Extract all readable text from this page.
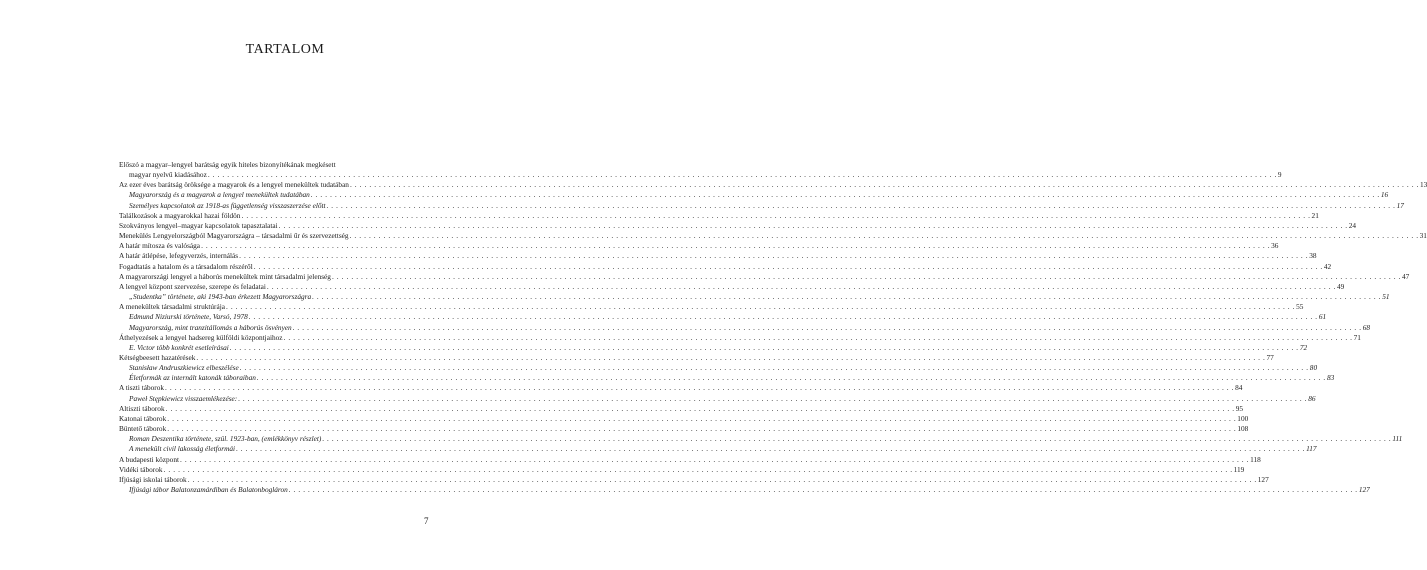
TARTALOM
Előszó a magyar–lengyel barátság egyik hiteles bizonyítékának megkésett
magyar nyelvű kiadásához . . .	9
Az ezer éves barátság öröksége a magyarok és a lengyel menekültek tudatában . . .	13
Magyarország és a magyarok a lengyel menekültek tudatában . . .	16
Személyes kapcsolatok az 1918-as függetlenség visszaszerzése előtt . . .	17
Találkozások a magyarokkal hazai földön . . .	21
Szokványos lengyel–magyar kapcsolatok tapasztalatai . . .	24
Menekülés Lengyelországból Magyarországra – társadalmi űr és szervezettség . . .	31
A határ mítosza és valósága . . .	36
A határ átlépése, lefegyverzés, internálás . . .	38
Fogadtatás a hatalom és a társadalom részéről . . .	42
A magyarországi lengyel a háborús menekültek mint társadalmi jelenség . . .	47
A lengyel központ szervezése, szerepe és feladatai . . .	49
„Studentka” története, aki 1943-ban érkezett Magyarországra . . .	51
A menekültek társadalmi struktúrája . . .	55
Edmund Niziurski története, Varsó, 1978 . . .	61
Magyarország, mint tranzitállomás a háborús ösvényen . . .	68
Áthelyezések a lengyel hadsereg külföldi központjaihoz . . .	71
E. Victor több konkrét esetleírásai . . .	72
Kétségbeesett hazatérések . . .	77
Stanisław Andruszkiewicz elbeszélése . . .	80
Életformák az internált katonák táboraiban . . .	83
A tiszti táborok . . .	84
Paweł Stępkiewicz visszaemlékezése: . . .	86
Altiszti táborok . . .	95
Katonai táborok . . .	100
Büntető táborok . . .	108
Roman Deszentika története, szül. 1923-ban, (emlékkönyv részlet) . . .	111
A menekült civil lakosság életformái . . .	117
A budapesti központ . . .	118
Vidéki táborok . . .	119
Ifjúsági iskolai táborok . . .	127
Ifjúsági tábor Balatonzamárdiban és Balatonbogláron . . .	127
7
